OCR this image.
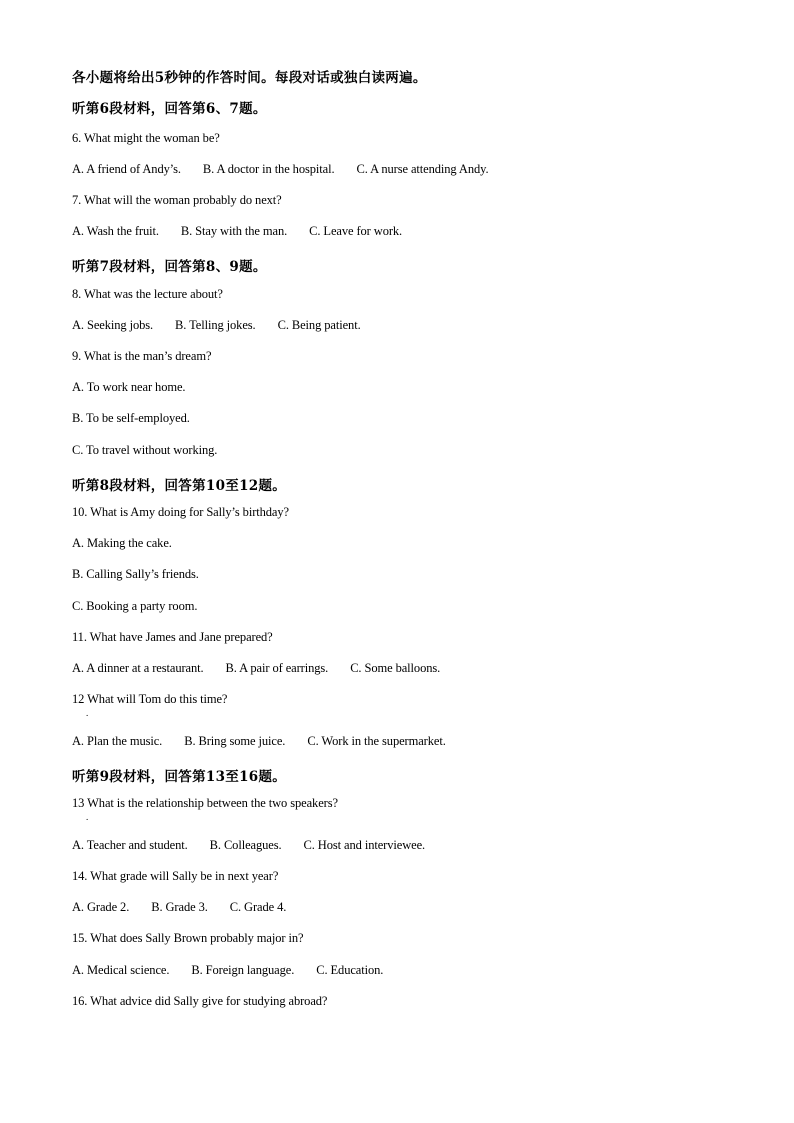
各小题将给出5秒钟的作答时间。每段对话或独白读两遍。
听第6段材料，回答第6、7题。
6. What might the woman be?
A. A friend of Andy’s. B. A doctor in the hospital. C. A nurse attending Andy.
7. What will the woman probably do next?
A. Wash the fruit. B. Stay with the man. C. Leave for work.
听第7段材料，回答第8、9题。
8. What was the lecture about?
A. Seeking jobs. B. Telling jokes. C. Being patient.
9. What is the man’s dream?
A. To work near home.
B. To be self-employed.
C. To travel without working.
听第8段材料，回答第10至12题。
10. What is Amy doing for Sally’s birthday?
A. Making the cake.
B. Calling Sally’s friends.
C. Booking a party room.
11. What have James and Jane prepared?
A. A dinner at a restaurant. B. A pair of earrings. C. Some balloons.
12 What will Tom do this time?
.
A. Plan the music. B. Bring some juice. C. Work in the supermarket.
听第9段材料，回答第13至16题。
13 What is the relationship between the two speakers?
.
A. Teacher and student. B. Colleagues. C. Host and interviewee.
14. What grade will Sally be in next year?
A. Grade 2. B. Grade 3. C. Grade 4.
15. What does Sally Brown probably major in?
A. Medical science. B. Foreign language. C. Education.
16. What advice did Sally give for studying abroad?
